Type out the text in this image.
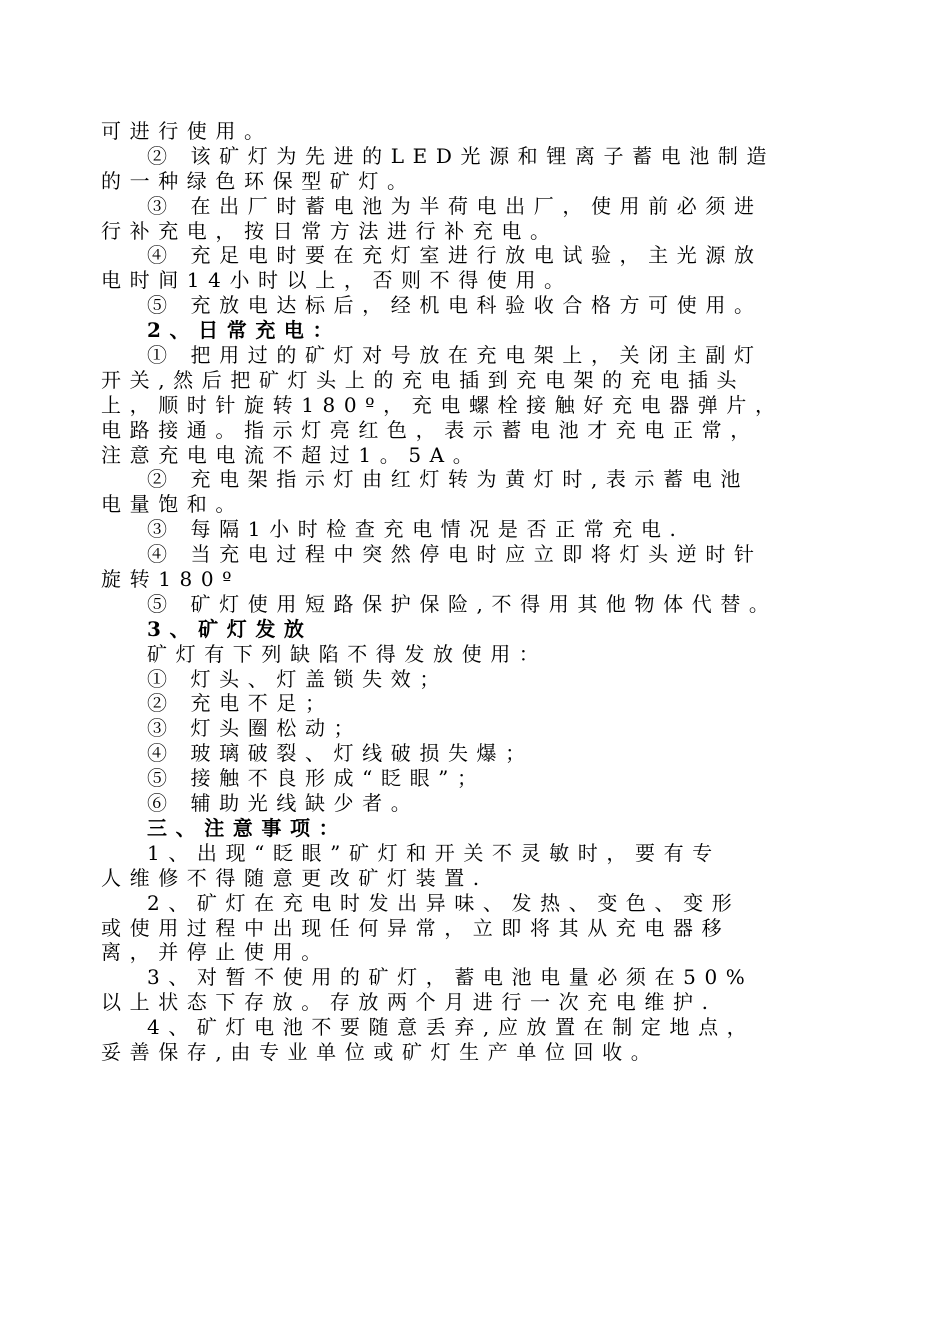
可进行使用。
② 该矿灯为先进的LED光源和锂离子蓄电池制造
的一种绿色环保型矿灯。
③ 在出厂时蓄电池为半荷电出厂，使用前必须进
行补充电，按日常方法进行补充电。
④ 充足电时要在充灯室进行放电试验，主光源放
电时间14小时以上，否则不得使用。
⑤ 充放电达标后，经机电科验收合格方可使用。
2、日常充电：
① 把用过的矿灯对号放在充电架上，关闭主副灯
开关,然后把矿灯头上的充电插到充电架的充电插头
上，顺时针旋转180º，充电螺栓接触好充电器弹片，
电路接通。指示灯亮红色，表示蓄电池才充电正常，
注意充电电流不超过1。5A。
② 充电架指示灯由红灯转为黄灯时,表示蓄电池
电量饱和。
③ 每隔1小时检查充电情况是否正常充电.
④ 当充电过程中突然停电时应立即将灯头逆时针
旋转180º
⑤ 矿灯使用短路保护保险,不得用其他物体代替。
3、矿灯发放
矿灯有下列缺陷不得发放使用：
① 灯头、灯盖锁失效；
② 充电不足；
③ 灯头圈松动；
④ 玻璃破裂、灯线破损失爆；
⑤ 接触不良形成“眨眼”；
⑥ 辅助光线缺少者。
三、注意事项：
1、出现“眨眼”矿灯和开关不灵敏时，要有专
人维修不得随意更改矿灯装置.
2、矿灯在充电时发出异味、发热、变色、变形
或使用过程中出现任何异常，立即将其从充电器移
离，并停止使用。
3、对暂不使用的矿灯，蓄电池电量必须在50%
以上状态下存放。存放两个月进行一次充电维护.
4、矿灯电池不要随意丢弃,应放置在制定地点，
妥善保存,由专业单位或矿灯生产单位回收。
